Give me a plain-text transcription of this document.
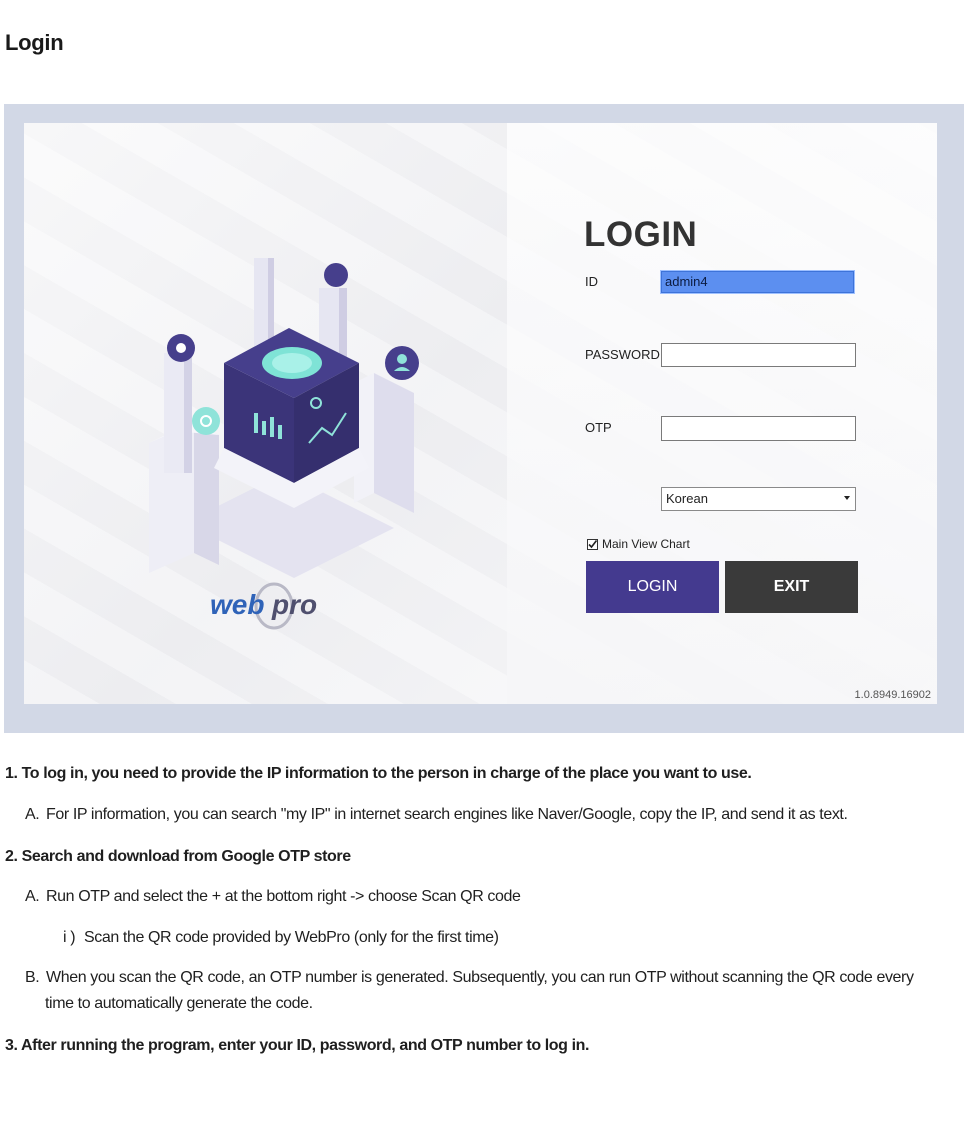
Login
web pro
LOGIN
ID	admin4
PASSWORD
OTP
Korean
Main View Chart
LOGIN	EXIT
1.0.8949.16902
1. To log in, you need to provide the IP information to the person in charge of the place you want to use.
A. For IP information, you can search "my IP" in internet search engines like Naver/Google, copy the IP, and send it as text.
2. Search and download from Google OTP store
A. Run OTP and select the + at the bottom right -> choose Scan QR code
i ) Scan the QR code provided by WebPro (only for the first time)
B. When you scan the QR code, an OTP number is generated. Subsequently, you can run OTP without scanning the QR code every
time to automatically generate the code.
3. After running the program, enter your ID, password, and OTP number to log in.
